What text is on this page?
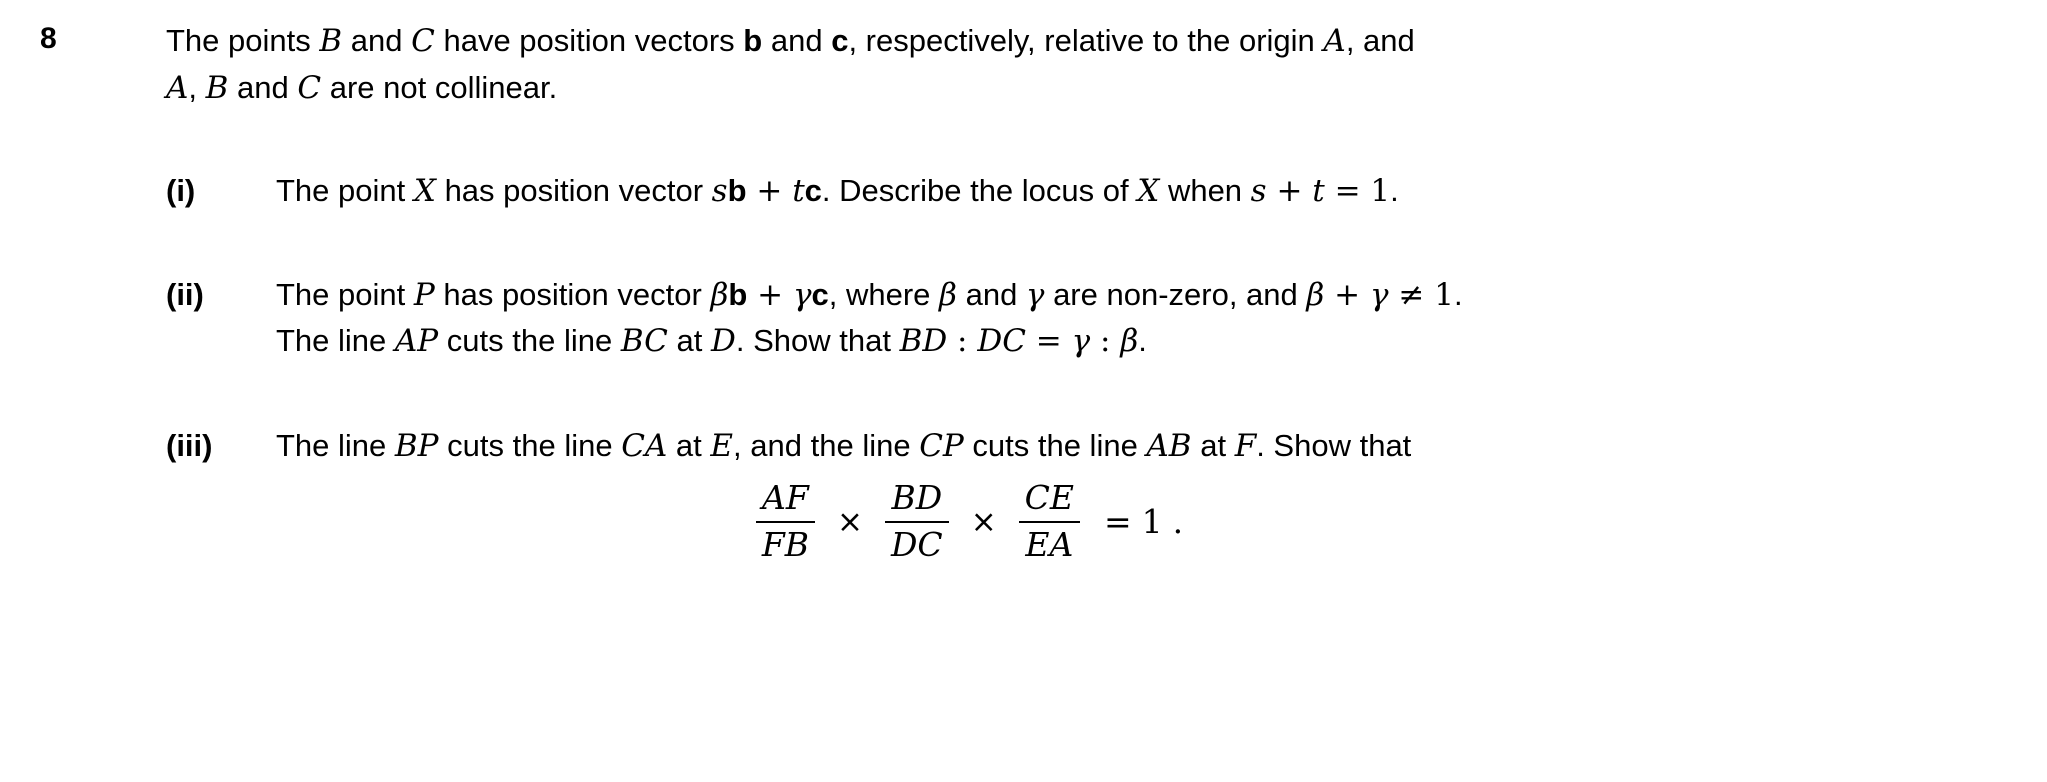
8	The points B and C have position vectors b and c, respectively, relative to the origin A, and
A, B and C are not collinear.
(i)	The point X has position vector sb + tc. Describe the locus of X when s + t = 1.
(ii) The point P has position vector βb + γc, where β and γ are non-zero, and β + γ ≠ 1.
The line AP cuts the line BC at D. Show that BD : DC = γ : β.
(iii) The line BP cuts the line CA at E, and the line CP cuts the line AB at F. Show that
$\frac{AF}{FB} \times \frac{BD}{DC} \times \frac{CE}{EA} = 1$ .
